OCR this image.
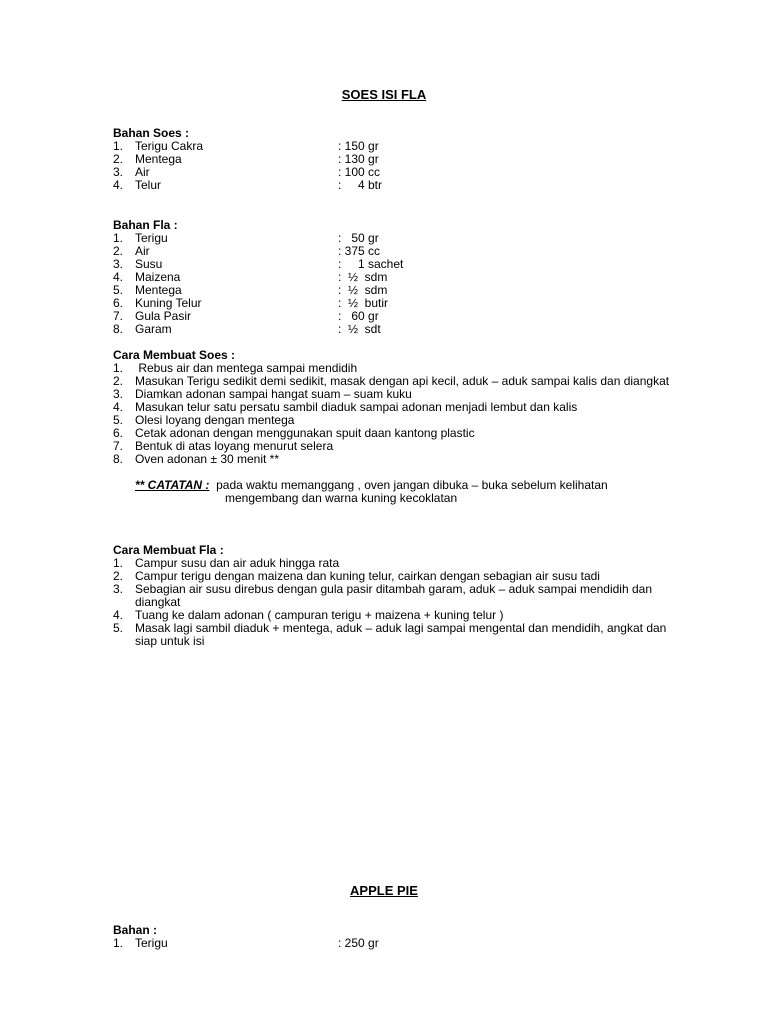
SOES ISI FLA
Bahan Soes :
1. Terigu Cakra	: 150 gr
2. Mentega	: 130 gr
3. Air	: 100 cc
4. Telur	:     4 btr
Bahan Fla :
1. Terigu	:   50 gr
2. Air	: 375 cc
3. Susu	:     1 sachet
4. Maizena	:  ½  sdm
5. Mentega	:  ½  sdm
6. Kuning Telur	:  ½  butir
7. Gula Pasir	:   60 gr
8. Garam	:  ½  sdt
Cara Membuat Soes :
1. Rebus air dan mentega sampai mendidih
2. Masukan Terigu sedikit demi sedikit, masak dengan api kecil, aduk – aduk sampai kalis dan diangkat
3. Diamkan adonan sampai hangat suam – suam kuku
4. Masukan telur satu persatu sambil diaduk sampai adonan menjadi lembut dan kalis
5. Olesi loyang dengan mentega
6. Cetak adonan dengan menggunakan spuit daan kantong plastic
7. Bentuk di atas loyang menurut selera
8. Oven adonan ± 30 menit **
** CATATAN : pada waktu memanggang , oven jangan dibuka – buka sebelum kelihatan
mengembang dan warna kuning kecoklatan
Cara Membuat Fla :
1. Campur susu dan air aduk hingga rata
2. Campur terigu dengan maizena dan kuning telur, cairkan dengan sebagian air susu tadi
3. Sebagian air susu direbus dengan gula pasir ditambah garam, aduk – aduk sampai mendidih dan diangkat
4. Tuang ke dalam adonan ( campuran terigu + maizena + kuning telur )
5. Masak lagi sambil diaduk + mentega, aduk – aduk lagi sampai mengental dan mendidih, angkat dan siap untuk isi
APPLE PIE
Bahan :
1. Terigu	: 250 gr
